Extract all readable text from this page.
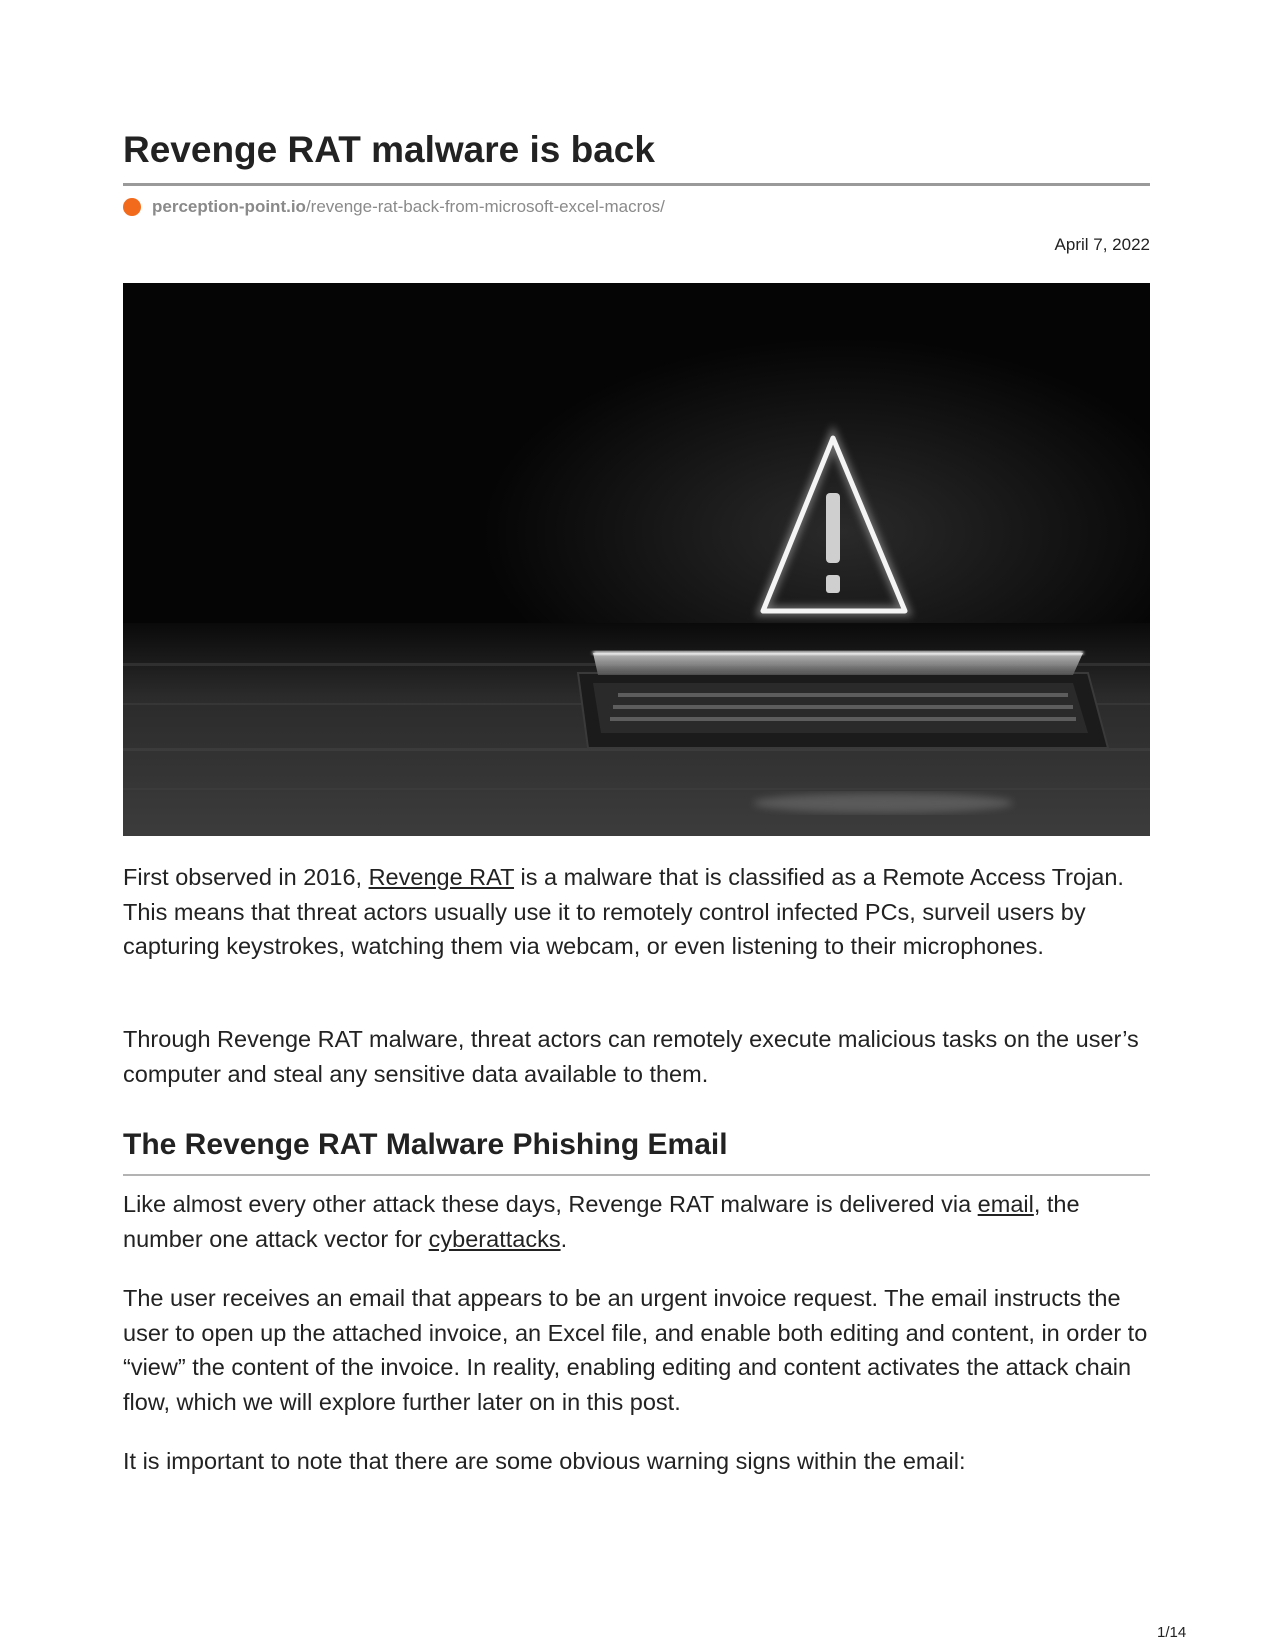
Revenge RAT malware is back
perception-point.io /revenge-rat-back-from-microsoft-excel-macros/
April 7, 2022

First observed in 2016, Revenge RAT is a malware that is classified as a Remote Access Trojan. This means that threat actors usually use it to remotely control infected PCs, surveil users by capturing keystrokes, watching them via webcam, or even listening to their microphones.

Through Revenge RAT malware, threat actors can remotely execute malicious tasks on the user’s computer and steal any sensitive data available to them.

The Revenge RAT Malware Phishing Email

Like almost every other attack these days, Revenge RAT malware is delivered via email, the number one attack vector for cyberattacks.

The user receives an email that appears to be an urgent invoice request. The email instructs the user to open up the attached invoice, an Excel file, and enable both editing and content, in order to “view” the content of the invoice. In reality, enabling editing and content activates the attack chain flow, which we will explore further later on in this post.

It is important to note that there are some obvious warning signs within the email:

1/14
